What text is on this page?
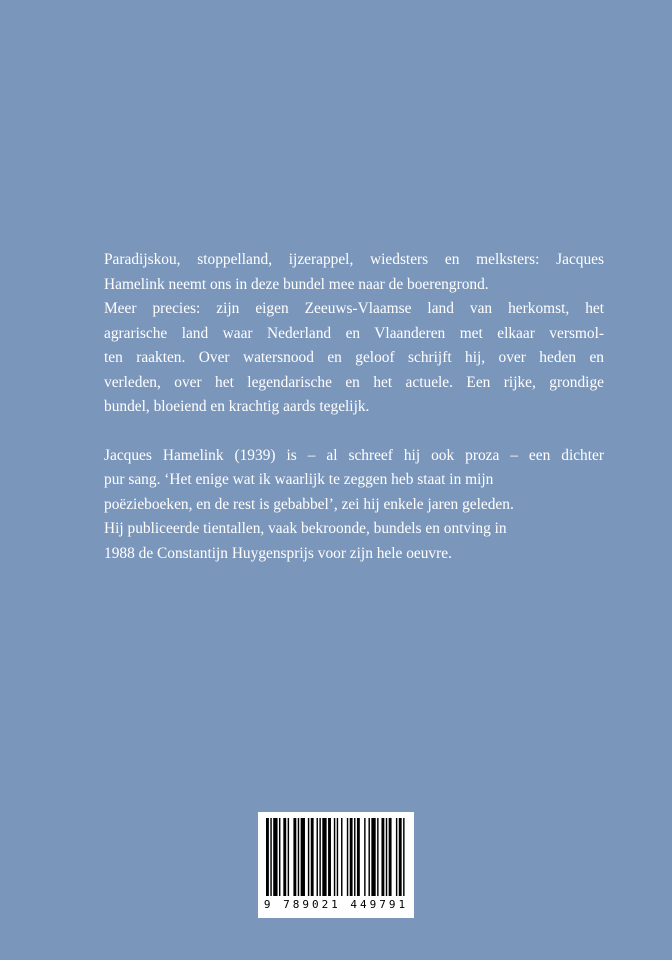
Paradijskou, stoppelland, ijzerappel, wiedsters en melksters: Jacques
Hamelink neemt ons in deze bundel mee naar de boerengrond.
Meer precies: zijn eigen Zeeuws-Vlaamse land van herkomst, het
agrarische land waar Nederland en Vlaanderen met elkaar versmol-
ten raakten. Over watersnood en geloof schrijft hij, over heden en
verleden, over het legendarische en het actuele. Een rijke, grondige
bundel, bloeiend en krachtig aards tegelijk.

Jacques Hamelink (1939) is – al schreef hij ook proza – een dichter
pur sang. ‘Het enige wat ik waarlijk te zeggen heb staat in mijn
poëzieboeken, en de rest is gebabbel’, zei hij enkele jaren geleden.
Hij publiceerde tientallen, vaak bekroonde, bundels en ontving in
1988 de Constantijn Huygensprijs voor zijn hele oeuvre.

9 789021 449791
